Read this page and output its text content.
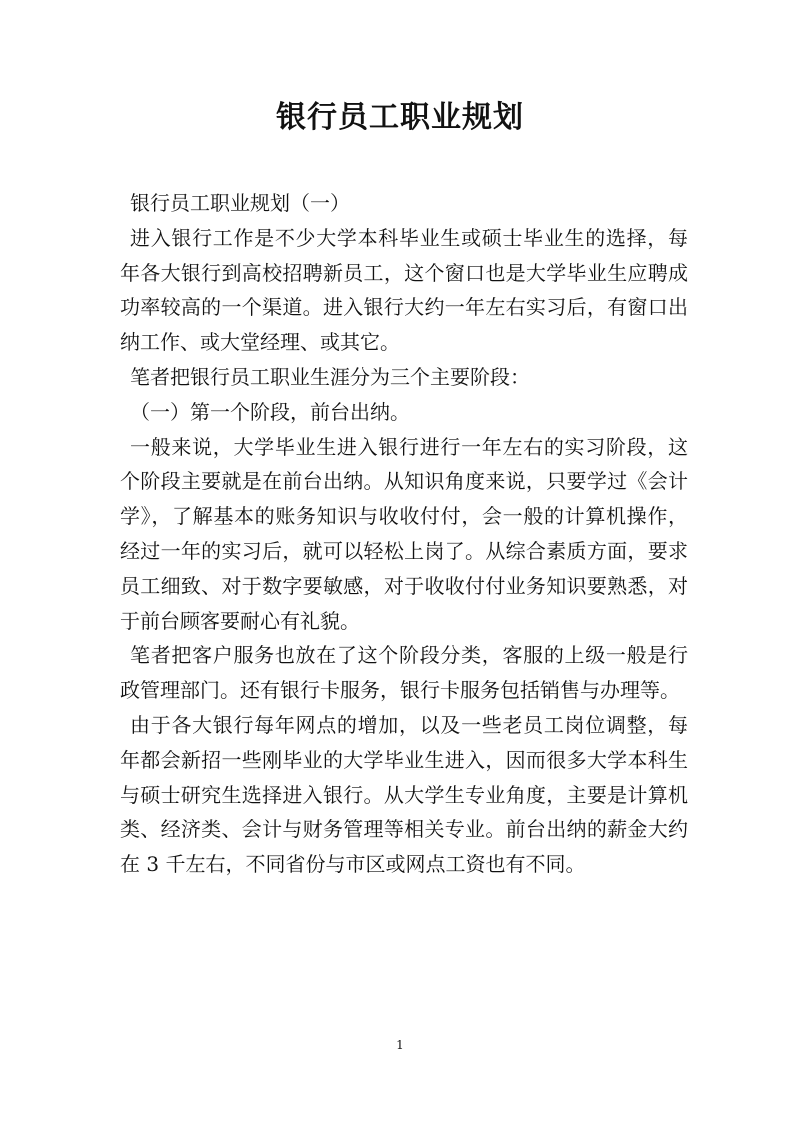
银行员工职业规划

银行员工职业规划（一）

进入银行工作是不少大学本科毕业生或硕士毕业生的选择，每年各大银行到高校招聘新员工，这个窗口也是大学毕业生应聘成功率较高的一个渠道。进入银行大约一年左右实习后，有窗口出纳工作、或大堂经理、或其它。

笔者把银行员工职业生涯分为三个主要阶段：

（一）第一个阶段，前台出纳。

一般来说，大学毕业生进入银行进行一年左右的实习阶段，这个阶段主要就是在前台出纳。从知识角度来说，只要学过《会计学》，了解基本的账务知识与收收付付，会一般的计算机操作，经过一年的实习后，就可以轻松上岗了。从综合素质方面，要求员工细致、对于数字要敏感，对于收收付付业务知识要熟悉，对于前台顾客要耐心有礼貌。

笔者把客户服务也放在了这个阶段分类，客服的上级一般是行政管理部门。还有银行卡服务，银行卡服务包括销售与办理等。

由于各大银行每年网点的增加，以及一些老员工岗位调整，每年都会新招一些刚毕业的大学毕业生进入，因而很多大学本科生与硕士研究生选择进入银行。从大学生专业角度，主要是计算机类、经济类、会计与财务管理等相关专业。前台出纳的薪金大约在 3 千左右，不同省份与市区或网点工资也有不同。

1
